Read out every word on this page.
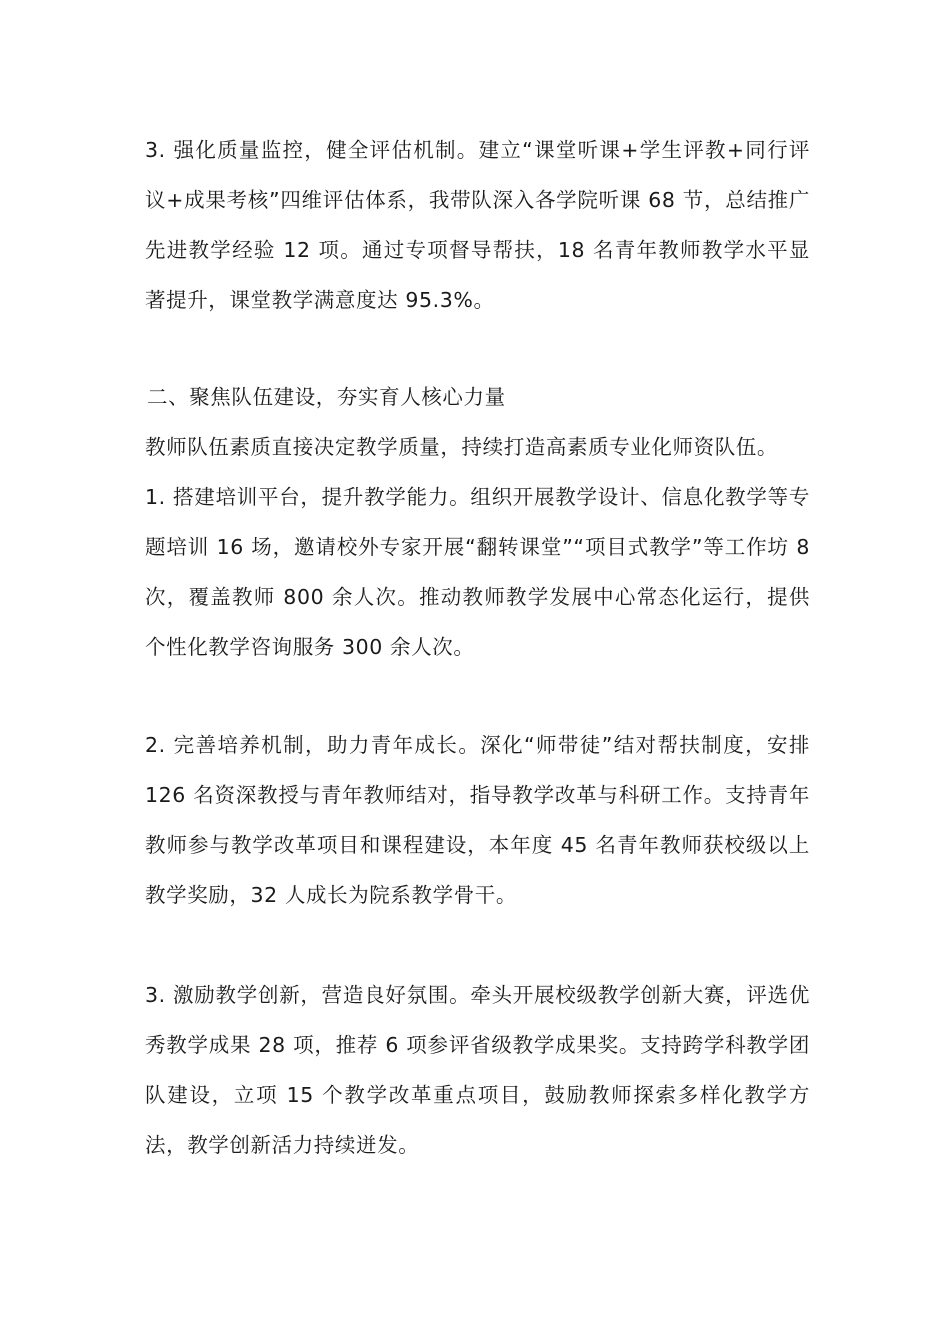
3. 强化质量监控，健全评估机制。建立“课堂听课+学生评教+同行评议+成果考核”四维评估体系，我带队深入各学院听课 68 节，总结推广先进教学经验 12 项。通过专项督导帮扶，18 名青年教师教学水平显著提升，课堂教学满意度达 95.3%。

二、聚焦队伍建设，夯实育人核心力量

教师队伍素质直接决定教学质量，持续打造高素质专业化师资队伍。

1. 搭建培训平台，提升教学能力。组织开展教学设计、信息化教学等专题培训 16 场，邀请校外专家开展“翻转课堂”“项目式教学”等工作坊 8 次，覆盖教师 800 余人次。推动教师教学发展中心常态化运行，提供个性化教学咨询服务 300 余人次。

2. 完善培养机制，助力青年成长。深化“师带徒”结对帮扶制度，安排 126 名资深教授与青年教师结对，指导教学改革与科研工作。支持青年教师参与教学改革项目和课程建设，本年度 45 名青年教师获校级以上教学奖励，32 人成长为院系教学骨干。

3. 激励教学创新，营造良好氛围。牵头开展校级教学创新大赛，评选优秀教学成果 28 项，推荐 6 项参评省级教学成果奖。支持跨学科教学团队建设，立项 15 个教学改革重点项目，鼓励教师探索多样化教学方法，教学创新活力持续迸发。
